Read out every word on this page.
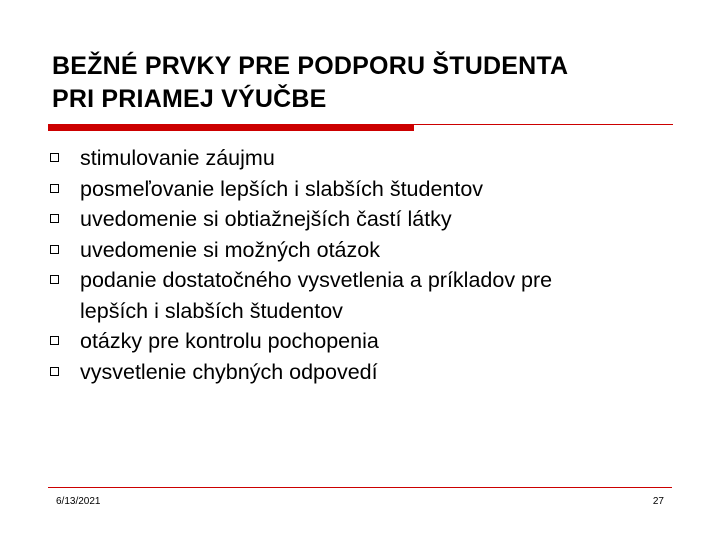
BEŽNÉ PRVKY PRE PODPORU ŠTUDENTA
PRI PRIAMEJ VÝUČBE
stimulovanie záujmu
posmeľovanie lepších i slabších študentov
uvedomenie si obtiažnejších častí látky
uvedomenie si možných otázok
podanie dostatočného vysvetlenia a príkladov pre
lepších i slabších študentov
otázky pre kontrolu pochopenia
vysvetlenie chybných odpovedí
6/13/2021	27
